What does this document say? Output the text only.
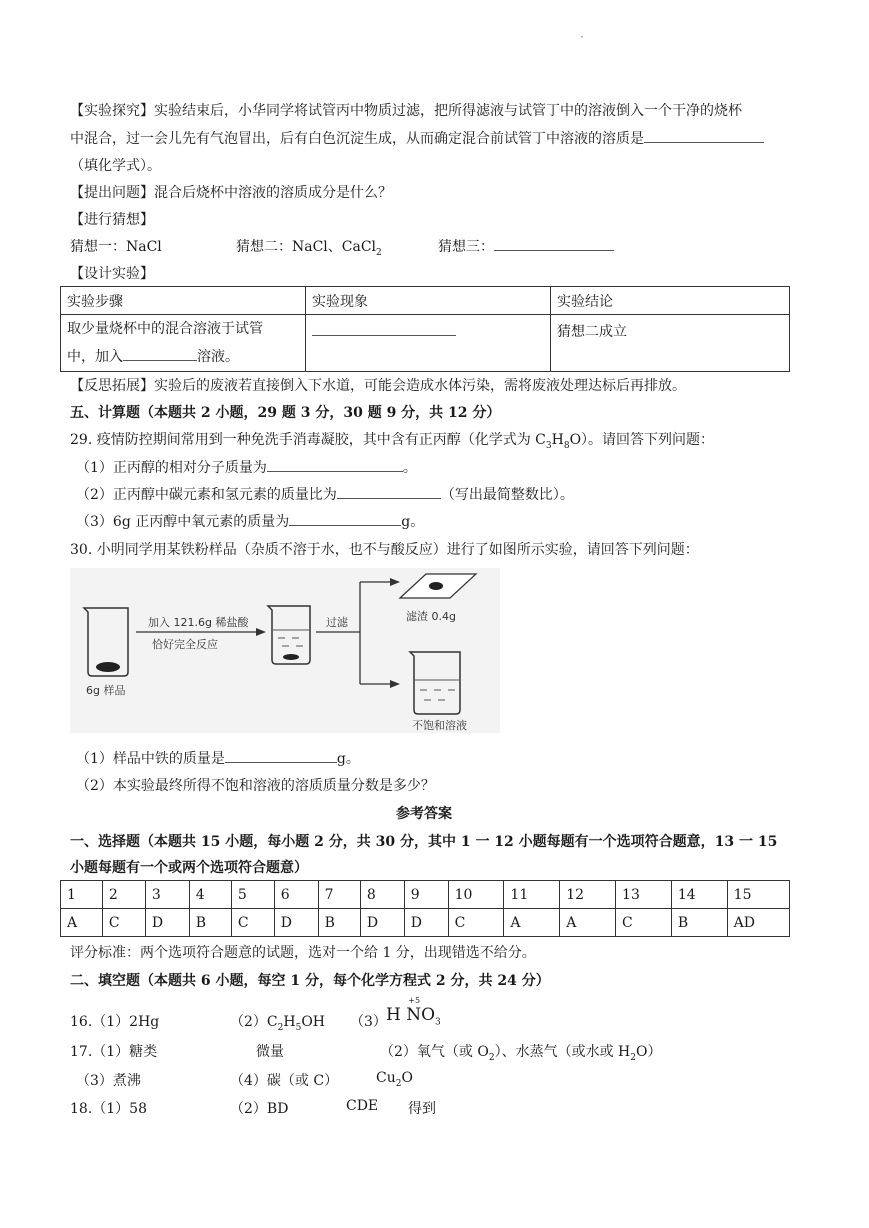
·
【实验探究】实验结束后，小华同学将试管丙中物质过滤，把所得滤液与试管丁中的溶液倒入一个干净的烧杯
中混合，过一会儿先有气泡冒出，后有白色沉淀生成，从而确定混合前试管丁中溶液的溶质是
（填化学式）。
【提出问题】混合后烧杯中溶液的溶质成分是什么？
【进行猜想】
猜想一：NaCl	猜想二：NaCl、CaCl$_2$	猜想三：
【设计实验】
实验步骤	实验现象	实验结论

取少量烧杯中的混合溶液于试管
中，加入 溶液。		猜想二成立
【反思拓展】实验后的废液若直接倒入下水道，可能会造成水体污染，需将废液处理达标后再排放。
五、计算题（本题共 2 小题，29 题 3 分，30 题 9 分，共 12 分）
29. 疫情防控期间常用到一种免洗手消毒凝胶，其中含有正丙醇（化学式为 $C_3H_8O$）。请回答下列问题：
（1）正丙醇的相对分子质量为	。
（2）正丙醇中碳元素和氢元素的质量比为	（写出最简整数比）。
（3）6g 正丙醇中氧元素的质量为	g。
30. 小明同学用某铁粉样品（杂质不溶于水，也不与酸反应）进行了如图所示实验，请回答下列问题：
加入 121.6g 稀盐酸
恰好完全反应
过滤	滤渣 0.4g
6g 样品
不饱和溶液
（1）样品中铁的质量是	g。
（2）本实验最终所得不饱和溶液的溶质质量分数是多少？
参考答案
一、选择题（本题共 15 小题，每小题 2 分，共 30 分，其中 1 一 12 小题每题有一个选项符合题意，13 一 15
小题每题有一个或两个选项符合题意）
1	2	3	4	5	6	7	8	9	10	11	12	13	14	15
A	C	D	B	C	D	B	D	D	C	A	A	C	B	AD
评分标准：两个选项符合题意的试题，选对一个给 1 分，出现错选不给分。
二、填空题（本题共 6 小题，每空 1 分，每个化学方程式 2 分，共 24 分）
16.（1）2Hg	$(2)C_2H_5OH$ （3） H
+5
$NO_3$
17.（1）糖类	微量	（2）氧气（或 $O_2$）、水蒸气（或水或 $H_2O$）
（3）煮沸	（4）碳（或 C）	$Cu_2O$
18.（1）58	（2）BD	CDE 得到
